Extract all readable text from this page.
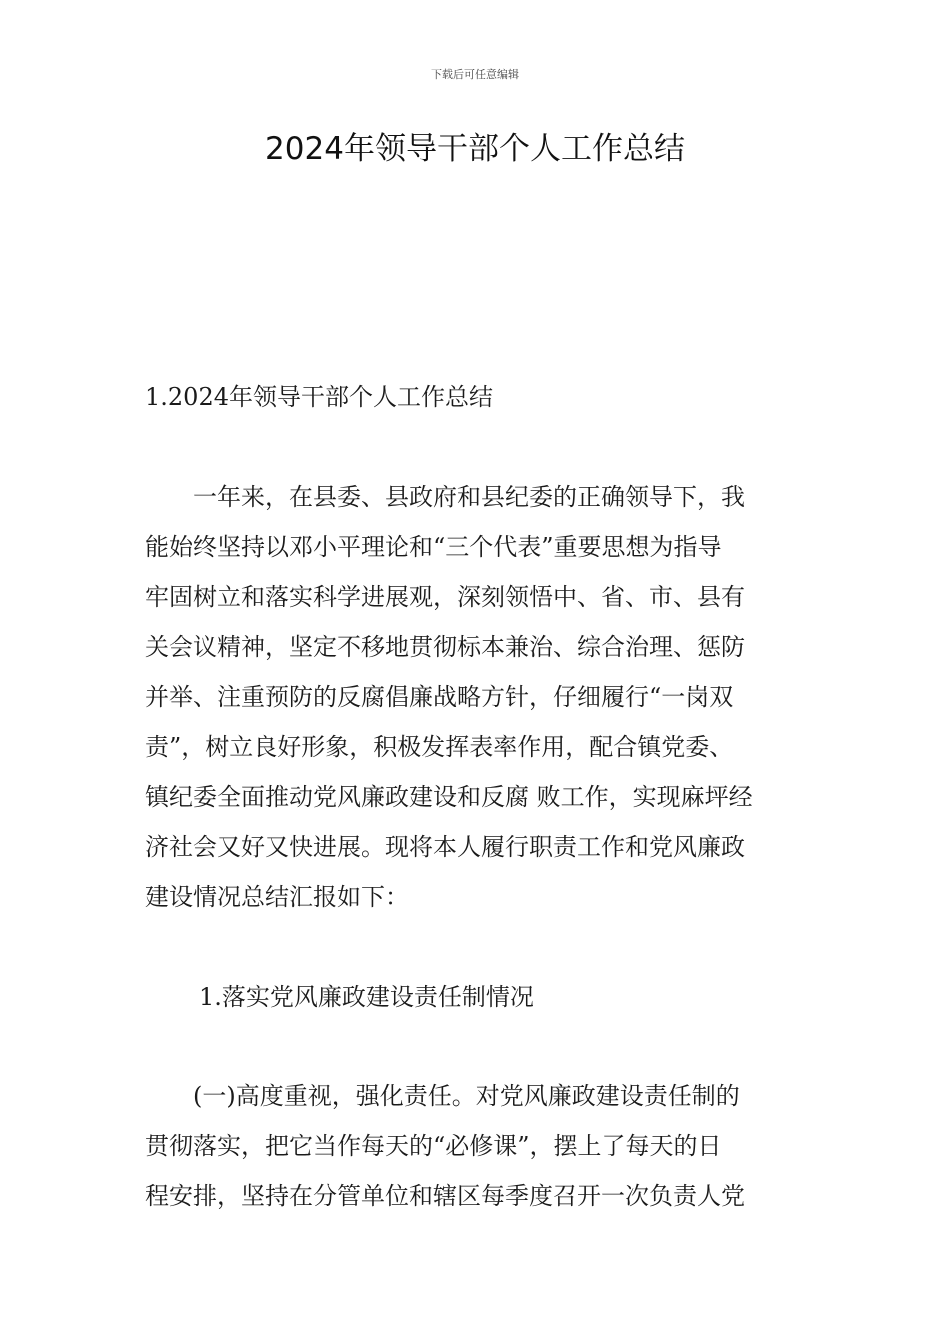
下载后可任意编辑
2024年领导干部个人工作总结
1.2024年领导干部个人工作总结
　　一年来，在县委、县政府和县纪委的正确领导下，我
能始终坚持以邓小平理论和“三个代表”重要思想为指导
牢固树立和落实科学进展观，深刻领悟中、省、市、县有
关会议精神，坚定不移地贯彻标本兼治、综合治理、惩防
并举、注重预防的反腐倡廉战略方针，仔细履行“一岗双
责”，树立良好形象，积极发挥表率作用，配合镇党委、
镇纪委全面推动党风廉政建设和反腐 败工作，实现麻坪经
济社会又好又快进展。现将本人履行职责工作和党风廉政
建设情况总结汇报如下：
1.落实党风廉政建设责任制情况
　　(一)高度重视，强化责任。对党风廉政建设责任制的
贯彻落实，把它当作每天的“必修课”，摆上了每天的日
程安排，坚持在分管单位和辖区每季度召开一次负责人党
